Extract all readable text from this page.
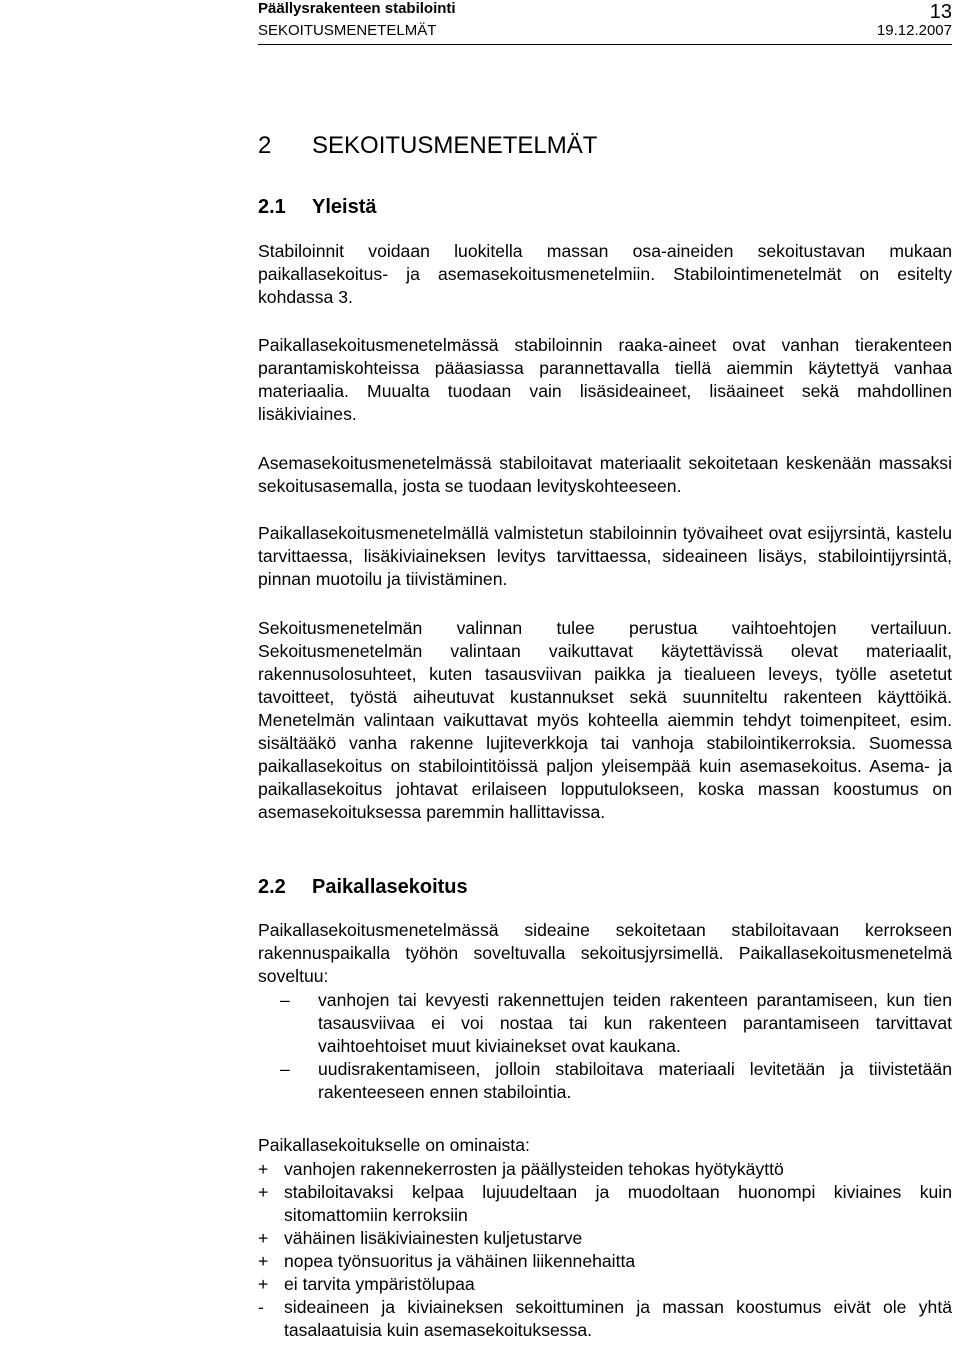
Päällysrakenteen stabilointi
SEKOITUSMENETELMÄT
13
19.12.2007
2 SEKOITUSMENETELMÄT
2.1 Yleistä

Stabiloinnit voidaan luokitella massan osa-aineiden sekoitustavan mukaan paikallasekoitus- ja asemasekoitusmenetelmiin. Stabilointimenetelmät on esitelty kohdassa 3.

Paikallasekoitusmenetelmässä stabiloinnin raaka-aineet ovat vanhan tierakenteen parantamiskohteissa pääasiassa parannettavalla tiellä aiemmin käytettyä vanhaa materiaalia. Muualta tuodaan vain lisäsideaineet, lisäaineet sekä mahdollinen lisäkiviaines.

Asemasekoitusmenetelmässä stabiloitavat materiaalit sekoitetaan keskenään massaksi sekoitusasemalla, josta se tuodaan levityskohteeseen.

Paikallasekoitusmenetelmällä valmistetun stabiloinnin työvaiheet ovat esijyrsintä, kastelu tarvittaessa, lisäkiviaineksen levitys tarvittaessa, sideaineen lisäys, stabilointijyrsintä, pinnan muotoilu ja tiivistäminen.

Sekoitusmenetelmän valinnan tulee perustua vaihtoehtojen vertailuun. Sekoitusmenetelmän valintaan vaikuttavat käytettävissä olevat materiaalit, rakennusolosuhteet, kuten tasausviivan paikka ja tiealueen leveys, työlle asetetut tavoitteet, työstä aiheutuvat kustannukset sekä suunniteltu rakenteen käyttöikä. Menetelmän valintaan vaikuttavat myös kohteella aiemmin tehdyt toimenpiteet, esim. sisältääkö vanha rakenne lujiteverkkoja tai vanhoja stabilointikerroksia. Suomessa paikallasekoitus on stabilointitöissä paljon yleisempää kuin asemasekoitus. Asema- ja paikallasekoitus johtavat erilaiseen lopputulokseen, koska massan koostumus on asemasekoituksessa paremmin hallittavissa.

2.2 Paikallasekoitus

Paikallasekoitusmenetelmässä sideaine sekoitetaan stabiloitavaan kerrokseen rakennuspaikalla työhön soveltuvalla sekoitusjyrsimellä. Paikallasekoitusmenetelmä soveltuu:

– vanhojen tai kevyesti rakennettujen teiden rakenteen parantamiseen, kun tien tasausviivaa ei voi nostaa tai kun rakenteen parantamiseen tarvittavat vaihtoehtoiset muut kiviainekset ovat kaukana.
– uudisrakentamiseen, jolloin stabiloitava materiaali levitetään ja tiivistetään rakenteeseen ennen stabilointia.

Paikallasekoitukselle on ominaista:

+ vanhojen rakennekerrosten ja päällysteiden tehokas hyötykäyttö
+ stabiloitavaksi kelpaa lujuudeltaan ja muodoltaan huonompi kiviaines kuin sitomattomiin kerroksiin
+ vähäinen lisäkiviainesten kuljetustarve
+ nopea työnsuoritus ja vähäinen liikennehaitta
+ ei tarvita ympäristölupaa
- sideaineen ja kiviaineksen sekoittuminen ja massan koostumus eivät ole yhtä tasalaatuisia kuin asemasekoituksessa.
